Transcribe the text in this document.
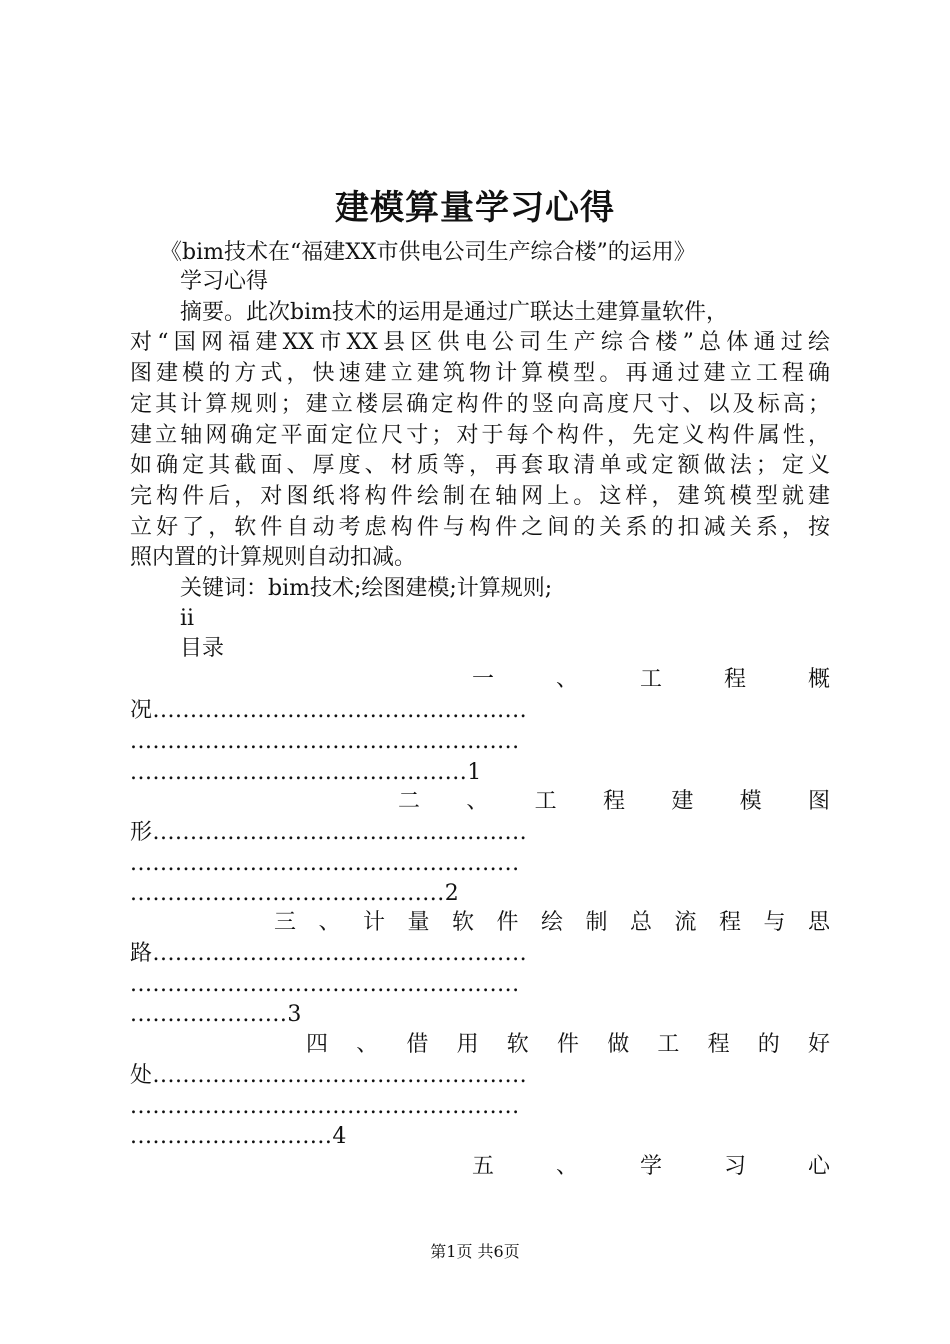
建模算量学习心得
《bim技术在“福建XX市供电公司生产综合楼”的运用》
学习心得
摘要。此次bim技术的运用是通过广联达土建算量软件，
对“国网福建XX市XX县区供电公司生产综合楼”总体通过绘
图建模的方式，快速建立建筑物计算模型。再通过建立工程确
定其计算规则；建立楼层确定构件的竖向高度尺寸、以及标高；
建立轴网确定平面定位尺寸；对于每个构件，先定义构件属性，
如确定其截面、厚度、材质等，再套取清单或定额做法；定义
完构件后，对图纸将构件绘制在轴网上。这样，建筑模型就建
立好了，软件自动考虑构件与构件之间的关系的扣减关系，按
照内置的计算规则自动扣减。
关键词：bim技术;绘图建模;计算规则;
ii
目录
一 、 工 程 概
况..................................................
....................................................
.............................................1
二 、 工 程 建 模 图
形..................................................
....................................................
..........................................2
三 、 计 量 软 件 绘 制 总 流 程 与 思
路..................................................
....................................................
.....................3
四 、 借 用 软 件 做 工 程 的 好
处..................................................
....................................................
...........................4
五 、 学 习 心
第1页 共6页
